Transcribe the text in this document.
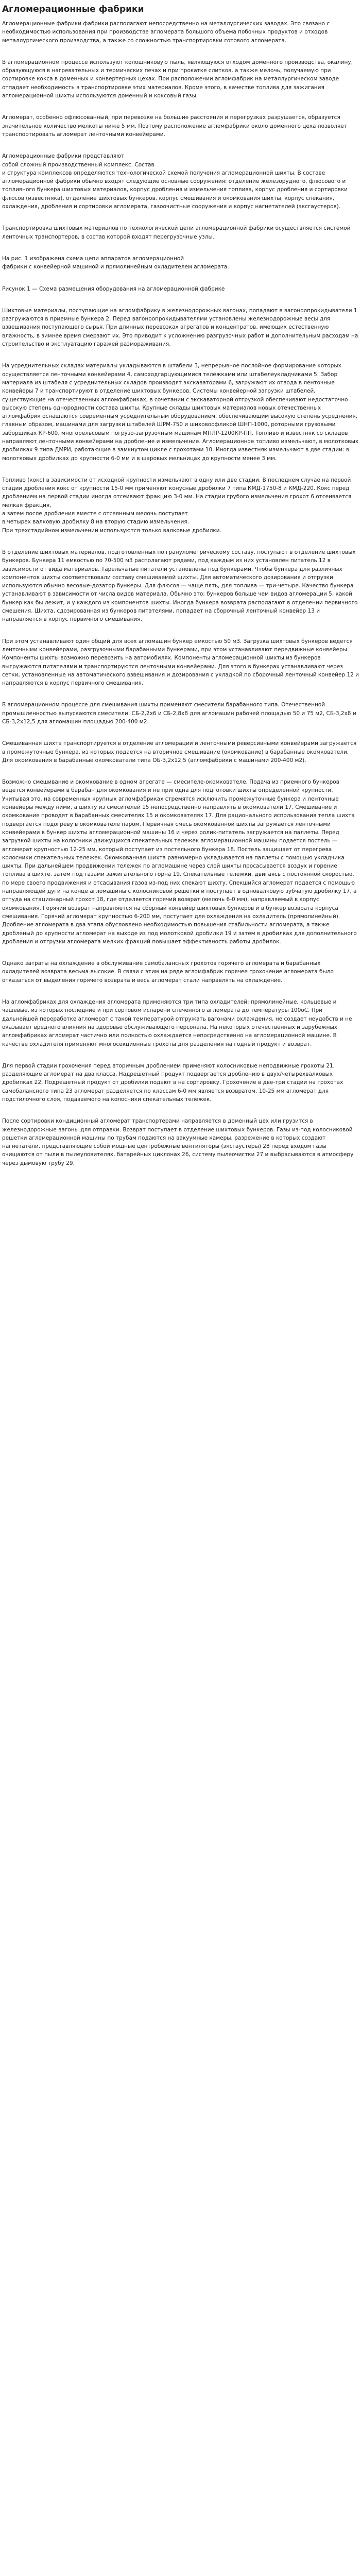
Агломерационные фабрики

Агломерационные фабрики фабрики располагают непосредственно на металлургических заводах. Это связано с необходимостью использования при производстве агломерата большого объема побочных продуктов и отходов металлургического производства, а также со сложностью транспортировки готового агломерата.

В агломерационном процессе используют колошниковую пыль, являющуюся отходом доменного производства, окалину, образующуюся в нагревательных и термических печах и при прокатке слитков, а также мелочь, получаемую при сортировке кокса в доменных и конвертерных цехах. При расположении агломфабрик на металлургическом заводе отпадает необходимость в транспортировке этих материалов. Кроме этого, в качестве топлива для зажигания агломерационной шихты используются доменный и коксовый газы

Агломерат, особенно офлюсованный, при перевозке на большие расстояния и перегрузках разрушается, образуется значительное количество мелкоты ниже 5 мм. Поэтому расположение агломфабрики около доменного цеха позволяет транспортировать агломерат ленточными конвейерами.

Агломерационные фабрики представляют
собой сложный производственный комплекс. Состав
и структура комплексов определяются технологической схемой получения агломерационной шихты. В составе
агломерационной фабрики обычно входят следующие основные сооружения: отделение железорудного, флюсового и топливного бункера шихтовых материалов, корпус дробления и измельчения топлива, корпус дробления и сортировки флюсов (известняка), отделение шихтовых бункеров, корпус смешивания и окомкования шихты, корпус спекания, охлаждения, дробления и сортировки агломерата, газоочистные сооружения и корпус нагнетателей (эксгаустеров).

Транспортировка шихтовых материалов по технологической цепи агломерационной фабрики осуществляется системой ленточных транспортеров, в состав которой входят перегрузочные узлы.

На рис. 1 изображена схема цепи аппаратов агломерационной
фабрики с конвейерной машиной и прямолинейным охладителем агломерата.

Рисунок 1 — Схема размещения оборудования на агломерационной фабрике

Шихтовые материалы, поступающие на агломфабрику в железнодорожных вагонах, попадают в вагоноопрокидыватели 1 разгружаются в приемные бункера 2. Перед вагоноопрокидывателями установлены железнодорожные весы для взвешивания поступающего сырья. При длинных перевозках агрегатов и концентратов, имеющих естественную влажность, в зимнее время смерзают их. Это приводит к усложнению разгрузочных работ и дополнительным расходам на строительство и эксплуатацию гаражей размораживания.

На усреднительных складах материалы укладываются в штабели 3, непрерывное послойное формирование которых осуществляется ленточными конвейерами 4, самоходгарцующимися тележками или штабелеукладчиками 5. Забор материала из штабеля с усреднительных складов производят экскаваторами 6, загружают их отвода в ленточные конвейеры 7 и транспортируют в отделение шихтовых бункеров. Системы конвейерной загрузки штабелей, существующие на отечественных агломфабриках, в сочетании с экскаваторной отгрузкой обеспечивают недостаточно высокую степень однородности состава шихты. Крупные склады шихтовых материалов новых отечественных агломфабрик оснащаются современным усреднительным оборудованием, обеспечивающим высокую степень усреднения, главным образом, машинами для загрузки штабелей ШРМ-750 и шиховоофликой ШНП-1000, роторными грузовыми заборщиках КР-600, многорельсовым погрузо-загрузочным машинам МПЛР-1200КР-ПП. Топливо и известняк со складов направляют ленточными конвейерами на дробление и измельчение. Агломерационное топливо измельчают, в молотковых дробилках 9 типа ДМРИ, работающие в замкнутом цикле с грохотами 10. Иногда известняк измельчают в две стадии: в молотковых дробилках до крупности 6-0 мм и в шаровых мельницах до крупности менее 3 мм.

Топливо (кокс) в зависимости от исходной крупности измельчают в одну или две стадии. В последнем случае на первой стадии дробления кокс от крупности 15-0 мм применяют конусные дробилки 7 типа КМД-1750-8 и КМД-220. Кокс перед дроблением на первой стадии иногда отсеивают фракцию 3-0 мм. На стадии грубого измельчения грохот 6 отсеивается мелкая фракция,
а затем после дробления вместе с отсеянным мелочь поступает
в четырех валковую дробилку 8 на вторую стадию измельчения.
При трехстадийном измельчении используются только валковые дробилки.

В отделение шихтовых материалов, подготовленных по гранулометрическому составу, поступают в отделение шихтовых бункеров. Бункера 11 емкостью по 70-500 м3 располагают рядами, под каждым из них установлен питатель 12 в зависимости от вида материалов. Тарельчатые питатели установлены под бункерами. Чтобы бункера для различных компонентов шихты соответствовали составу смешиваемой шихты. Для автоматического дозирования и отгрузки используются обычно весовые-дозатор бункеры. Для флюсов — чаще пять, для топлива — три-четыре. Качество бункера устанавливают в зависимости от числа видов материала. Обычно это: бункеров больше чем видов агломерации 5, какой бункер как бы лежит, и у каждого из компонентов шихты. Иногда бункера возврата располагают в отделении первичного смешения. Шихта, сдозированная из бункеров питателями, попадает на сборочный ленточный конвейер 13 и направляется в корпус первичного смешивания.

При этом устанавливают один общий для всех агломашин бункер емкостью 50 м3. Загрузка шихтовых бункеров ведется ленточными конвейерами, разгрузочными барабанными бункерами, при этом устанавливают передвижные конвейеры. Компоненты шихты возможно перевозить на автомобилях. Компоненты агломерационной шихты из бункеров выгружаются питателями и транспортируются ленточными конвейерами. Для этого в бункерах устанавливают через сетки, установленные на автоматического взвешивания и дозирования с укладкой по сборочный ленточный конвейер 12 и направляются в корпус первичного смешивания.

В агломерационном процессе для смешивания шихты применяют смесители барабанного типа. Отечественной промышленностью выпускаются смесители: СБ-2,2х6 и СБ-2,8х8 для агломашин рабочей площадью 50 и 75 м2, СБ-3,2х8 и СБ-3,2х12,5 для агломашин площадью 200-400 м2.

Смешиванная шихта транспортируется в отделение агломерации и ленточными реверсивными конвейерами загружается в промежуточные бункера, из которых подается на вторичное смешивание (окомкование) в барабанные окомкователи. Для окомкования в барабанные окомкователи типа ОБ-3,2х12,5 (агломфабрики с машинами 200-400 м2).

Возможно смешивание и окомкование в одном агрегате — смесителе-окомкователе. Подача из приемного бункеров ведется конвейерами в барабан для окомкования и не пригодна для подготовки шихты определенной крупности. Учитывая это, на современных крупных агломфабриках стремятся исключить промежуточные бункера и ленточные конвейеры между ними, а шихту из смесителей 15 непосредственно направлять в окомкователи 17. Смешивание и окомкование проводят в барабанных смесителях 15 и окомкователях 17. Для рационального использования тепла шихта подвергается подогреву в окомкователе паром. Первичная смесь окомкованной шихты загружается ленточными конвейерами в бункер шихты агломерационной машины 16 и через ролик-питатель загружается на паллеты. Перед загрузкой шихты на колосники движущихся спекательных тележек агломерационной машины подается постель — агломерат крупностью 12-25 мм, который поступает из постельного бункера 18. Постель защищает от перегрева колосники спекательных тележек. Окомкованная шихта равномерно укладывается на паллеты с помощью укладчика шихты. При дальнейшем продвижении тележек по агломашине через слой шихты просасывается воздух и горение топлива в шихте, затем под газами зажигательного горна 19. Спекательные тележки, двигаясь с постоянной скоростью, по мере своего продвижения и отсасывания газов из-под них спекают шихту. Спекшийся агломерат подается с помощью направляющей дуги на конце агломашины с колосниковой решетки и поступает в одновалковую зубчатую дробилку 17, а оттуда на стационарный грохот 18, где отделяется горячий возврат (мелочь 6-0 мм), направляемый в корпус окомкования. Горячий возврат направляется на сборный конвейер шихтовых бункеров и в бункер возврата корпуса смешивания. Горячий агломерат крупностью 6-200 мм, поступает для охлаждения на охладитель (прямолинейный). Дробление агломерата в два этапа обусловлено необходимостью повышения стабильности агломерата, а также дробленый до крупности агломерат на выходе из под молотковой дробилки 19 и затем в дробилках для дополнительного дробления и отгрузки агломерата мелких фракций повышает эффективность работы дробилок.

Однако затраты на охлаждение в обслуживание самобалансных грохотов горячего агломерата и барабанных охладителей возврата весьма высокие. В связи с этим на ряде агломфабрик горячее грохочение агломерата было отказаться от выделения горячего возврата и весь агломерат стали направлять на охлаждение.

На агломфабриках для охлаждения агломерата применяются три типа охладителей: прямолинейные, кольцевые и чашевые, из которых последние и при сортовом испарени спеченного агломерата до температуры 100оС. При дальнейшей переработке агломерат с такой температурой отгружать вагонами охлаждения, не создает неудобств и не оказывает вредного влияния на здоровье обслуживающего персонала. На некоторых отечественных и зарубежных агломфабриках агломерат частично или полностью охлаждается непосредственно на агломерационной машине. В качестве охладителя применяют многосекционные грохоты для разделения на годный продукт и возврат.

Для первой стадии грохочения перед вторичным дроблением применяют колосниковые неподвижные грохоты 21, разделяющие агломерат на два класса. Надрешетный продукт подвергается дроблению в двух/четырехвалковых дробилках 22. Подрешетный продукт от дробилки подают в на сортировку. Грохочение в две-три стадии на грохотах самобалансного типа 23 агломерат разделяется по классам 6-0 мм является возвратом, 10-25 мм агломерат для подстилочного слоя, подаваемого на колосники спекательных тележек.

После сортировки кондиционный агломерат транспортерами направляется в доменный цех или грузится в железнодорожные вагоны для отправки. Возврат поступает в отделение шихтовых бункеров. Газы из-под колосниковой решетки агломерационной машины по трубам подаются на вакуумные камеры, разрежение в которых создают нагнетатели, представляющие собой мощные центробежные вентиляторы (эксгаустеры) 28 перед входом газы очищаются от пыли в пылеуловителях, батарейных циклонах 26, систему пылеочистки 27 и выбрасываются в атмосферу через дымовую трубу 29.
